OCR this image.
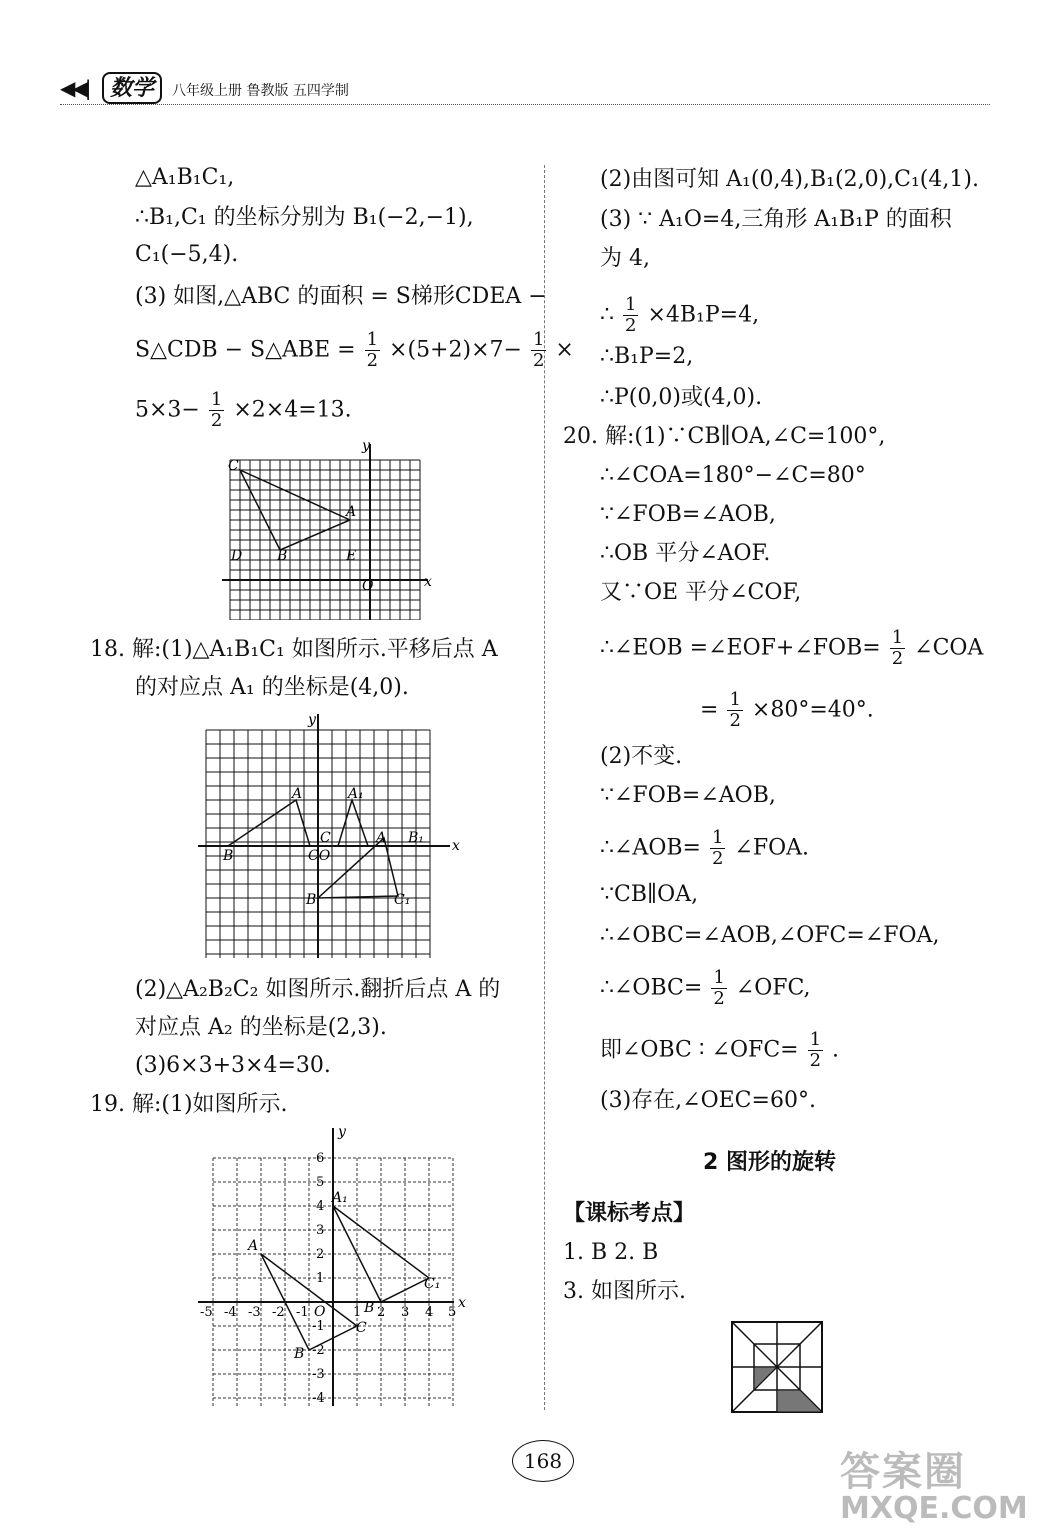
◀◀| 数学	八年级上册 鲁教版 五四学制
△A₁B₁C₁,
∴B₁,C₁ 的坐标分别为 B₁(−2,−1),
C₁(−5,4).
(3) 如图,△ABC 的面积 = S梯形CDEA −
S△CDB − S△ABE = $\frac{1}{2} \times(5+2)\times 7- \frac{1}{2}$ ×
$5\times 3- \frac{1}{2} \times 2\times 4=13$.
y
x
C
A
D B	E
O
18. 解:(1)△A₁B₁C₁ 如图所示.平移后点 A
的对应点 A₁ 的坐标是(4,0).
y
x
A	A₁
B
C
CO
A B₁
B	C₁
(2)△A₂B₂C₂ 如图所示.翻折后点 A 的
对应点 A₂ 的坐标是(2,3).
(3)6×3+3×4=30.
19. 解:(1)如图所示.
y
x
A
A₁
B
C
C₁
O	B
-5 -4 -3 -2 -1	1 2 3 4 5
6
5
4
3
2
1
-1
-2
-3
-4
(2)由图可知 A₁(0,4),B₁(2,0),C₁(4,1).
(3) ∵ A₁O=4,三角形 A₁B₁P 的面积
为 4,
∴ $\frac{1}{2} \times 4B_1P=4$,
∴B₁P=2,
∴P(0,0)或(4,0).
20. 解:(1)∵CB∥OA,∠C=100°,
∴∠COA=180°−∠C=80°
∵∠FOB=∠AOB,
∴OB 平分∠AOF.
又∵OE 平分∠COF,
∴∠EOB =∠EOF+∠FOB= $\frac{1}{2}$ ∠COA
= $\frac{1}{2} \times 80^\circ=40^\circ$.
(2)不变.
∵∠FOB=∠AOB,
∴∠AOB= $\frac{1}{2}$ ∠FOA.
∵CB∥OA,
∴∠OBC=∠AOB,∠OFC=∠FOA,
∴∠OBC= $\frac{1}{2}$ ∠OFC,
即∠OBC ∶ ∠OFC= $\frac{1}{2}$ .
(3)存在,∠OEC=60°.
2 图形的旋转
【课标考点】
1. B 2. B
3. 如图所示.
168	答案圈
MXQE.COM
